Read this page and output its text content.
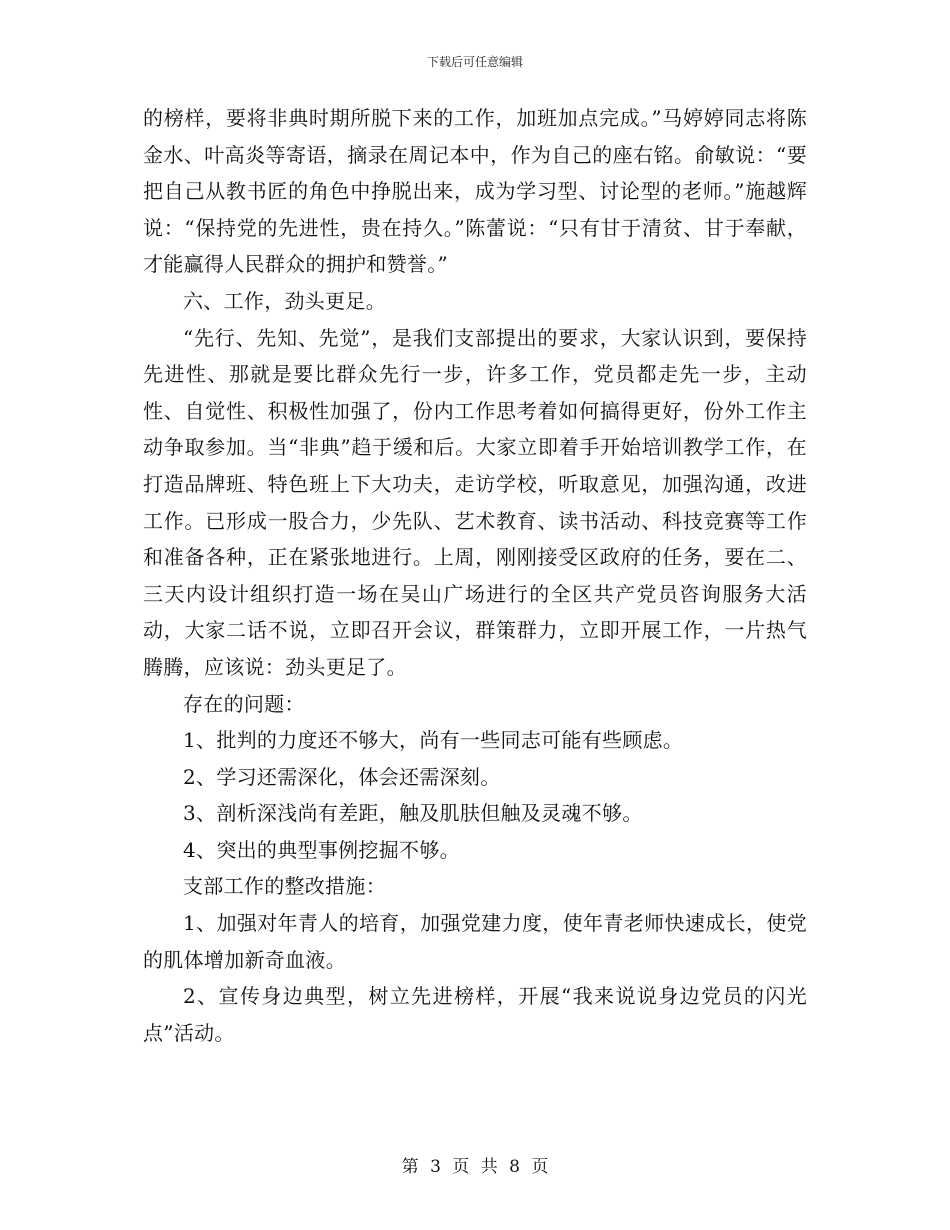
下载后可任意编辑

的榜样，要将非典时期所脱下来的工作，加班加点完成。”马婷婷同志将陈金水、叶高炎等寄语，摘录在周记本中，作为自己的座右铭。俞敏说：“要把自己从教书匠的角色中挣脱出来，成为学习型、讨论型的老师。”施越辉说：“保持党的先进性，贵在持久。”陈蕾说：“只有甘于清贫、甘于奉献，才能赢得人民群众的拥护和赞誉。”

六、工作，劲头更足。

“先行、先知、先觉”，是我们支部提出的要求，大家认识到，要保持先进性、那就是要比群众先行一步，许多工作，党员都走先一步，主动性、自觉性、积极性加强了，份内工作思考着如何搞得更好，份外工作主动争取参加。当“非典”趋于缓和后。大家立即着手开始培训教学工作，在打造品牌班、特色班上下大功夫，走访学校，听取意见，加强沟通，改进工作。已形成一股合力，少先队、艺术教育、读书活动、科技竞赛等工作和准备各种，正在紧张地进行。上周，刚刚接受区政府的任务，要在二、三天内设计组织打造一场在吴山广场进行的全区共产党员咨询服务大活动，大家二话不说，立即召开会议，群策群力，立即开展工作，一片热气腾腾，应该说：劲头更足了。

存在的问题：

1、批判的力度还不够大，尚有一些同志可能有些顾虑。

2、学习还需深化，体会还需深刻。

3、剖析深浅尚有差距，触及肌肤但触及灵魂不够。

4、突出的典型事例挖掘不够。

支部工作的整改措施：

1、加强对年青人的培育，加强党建力度，使年青老师快速成长，使党的肌体增加新奇血液。

2、宣传身边典型，树立先进榜样，开展“我来说说身边党员的闪光点”活动。

第 3 页 共 8 页
